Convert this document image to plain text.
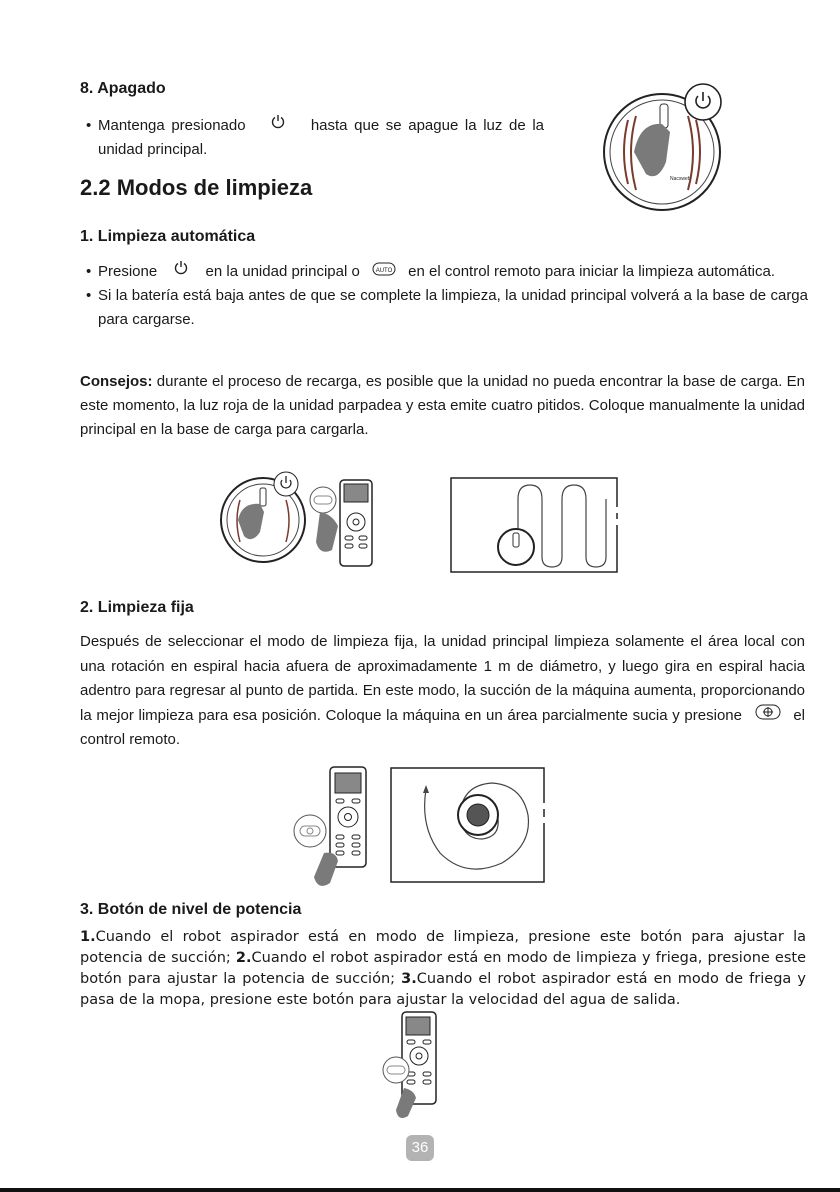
8. Apagado
• Mantenga presionado	hasta que se apague la luz de la unidad principal.
Nacsweb
2.2 Modos de limpieza
1. Limpieza automática
• Presione	en la unidad principal o	AUTO en el control remoto para iniciar la limpieza automática.
• Si la batería está baja antes de que se complete la limpieza, la unidad principal volverá a la base de carga para cargarse.
Consejos: durante el proceso de recarga, es posible que la unidad no pueda encontrar la base de carga. En este momento, la luz roja de la unidad parpadea y esta emite cuatro pitidos. Coloque manualmente la unidad principal en la base de carga para cargarla.
2. Limpieza fija
Después de seleccionar el modo de limpieza fija, la unidad principal limpieza solamente el área local con una rotación en espiral hacia afuera de aproximadamente 1 m de diámetro, y luego gira en espiral hacia adentro para regresar al punto de partida. En este modo, la succión de la máquina aumenta, proporcionando la mejor limpieza para esa posición. Coloque la máquina en un área parcialmente sucia y presione	el control remoto.
3. Botón de nivel de potencia
1.Cuando el robot aspirador está en modo de limpieza, presione este botón para ajustar la potencia de succión; 2.Cuando el robot aspirador está en modo de limpieza y friega, presione este botón para ajustar la potencia de succión; 3.Cuando el robot aspirador está en modo de friega y pasa de la mopa, presione este botón para ajustar la velocidad del agua de salida.
36
